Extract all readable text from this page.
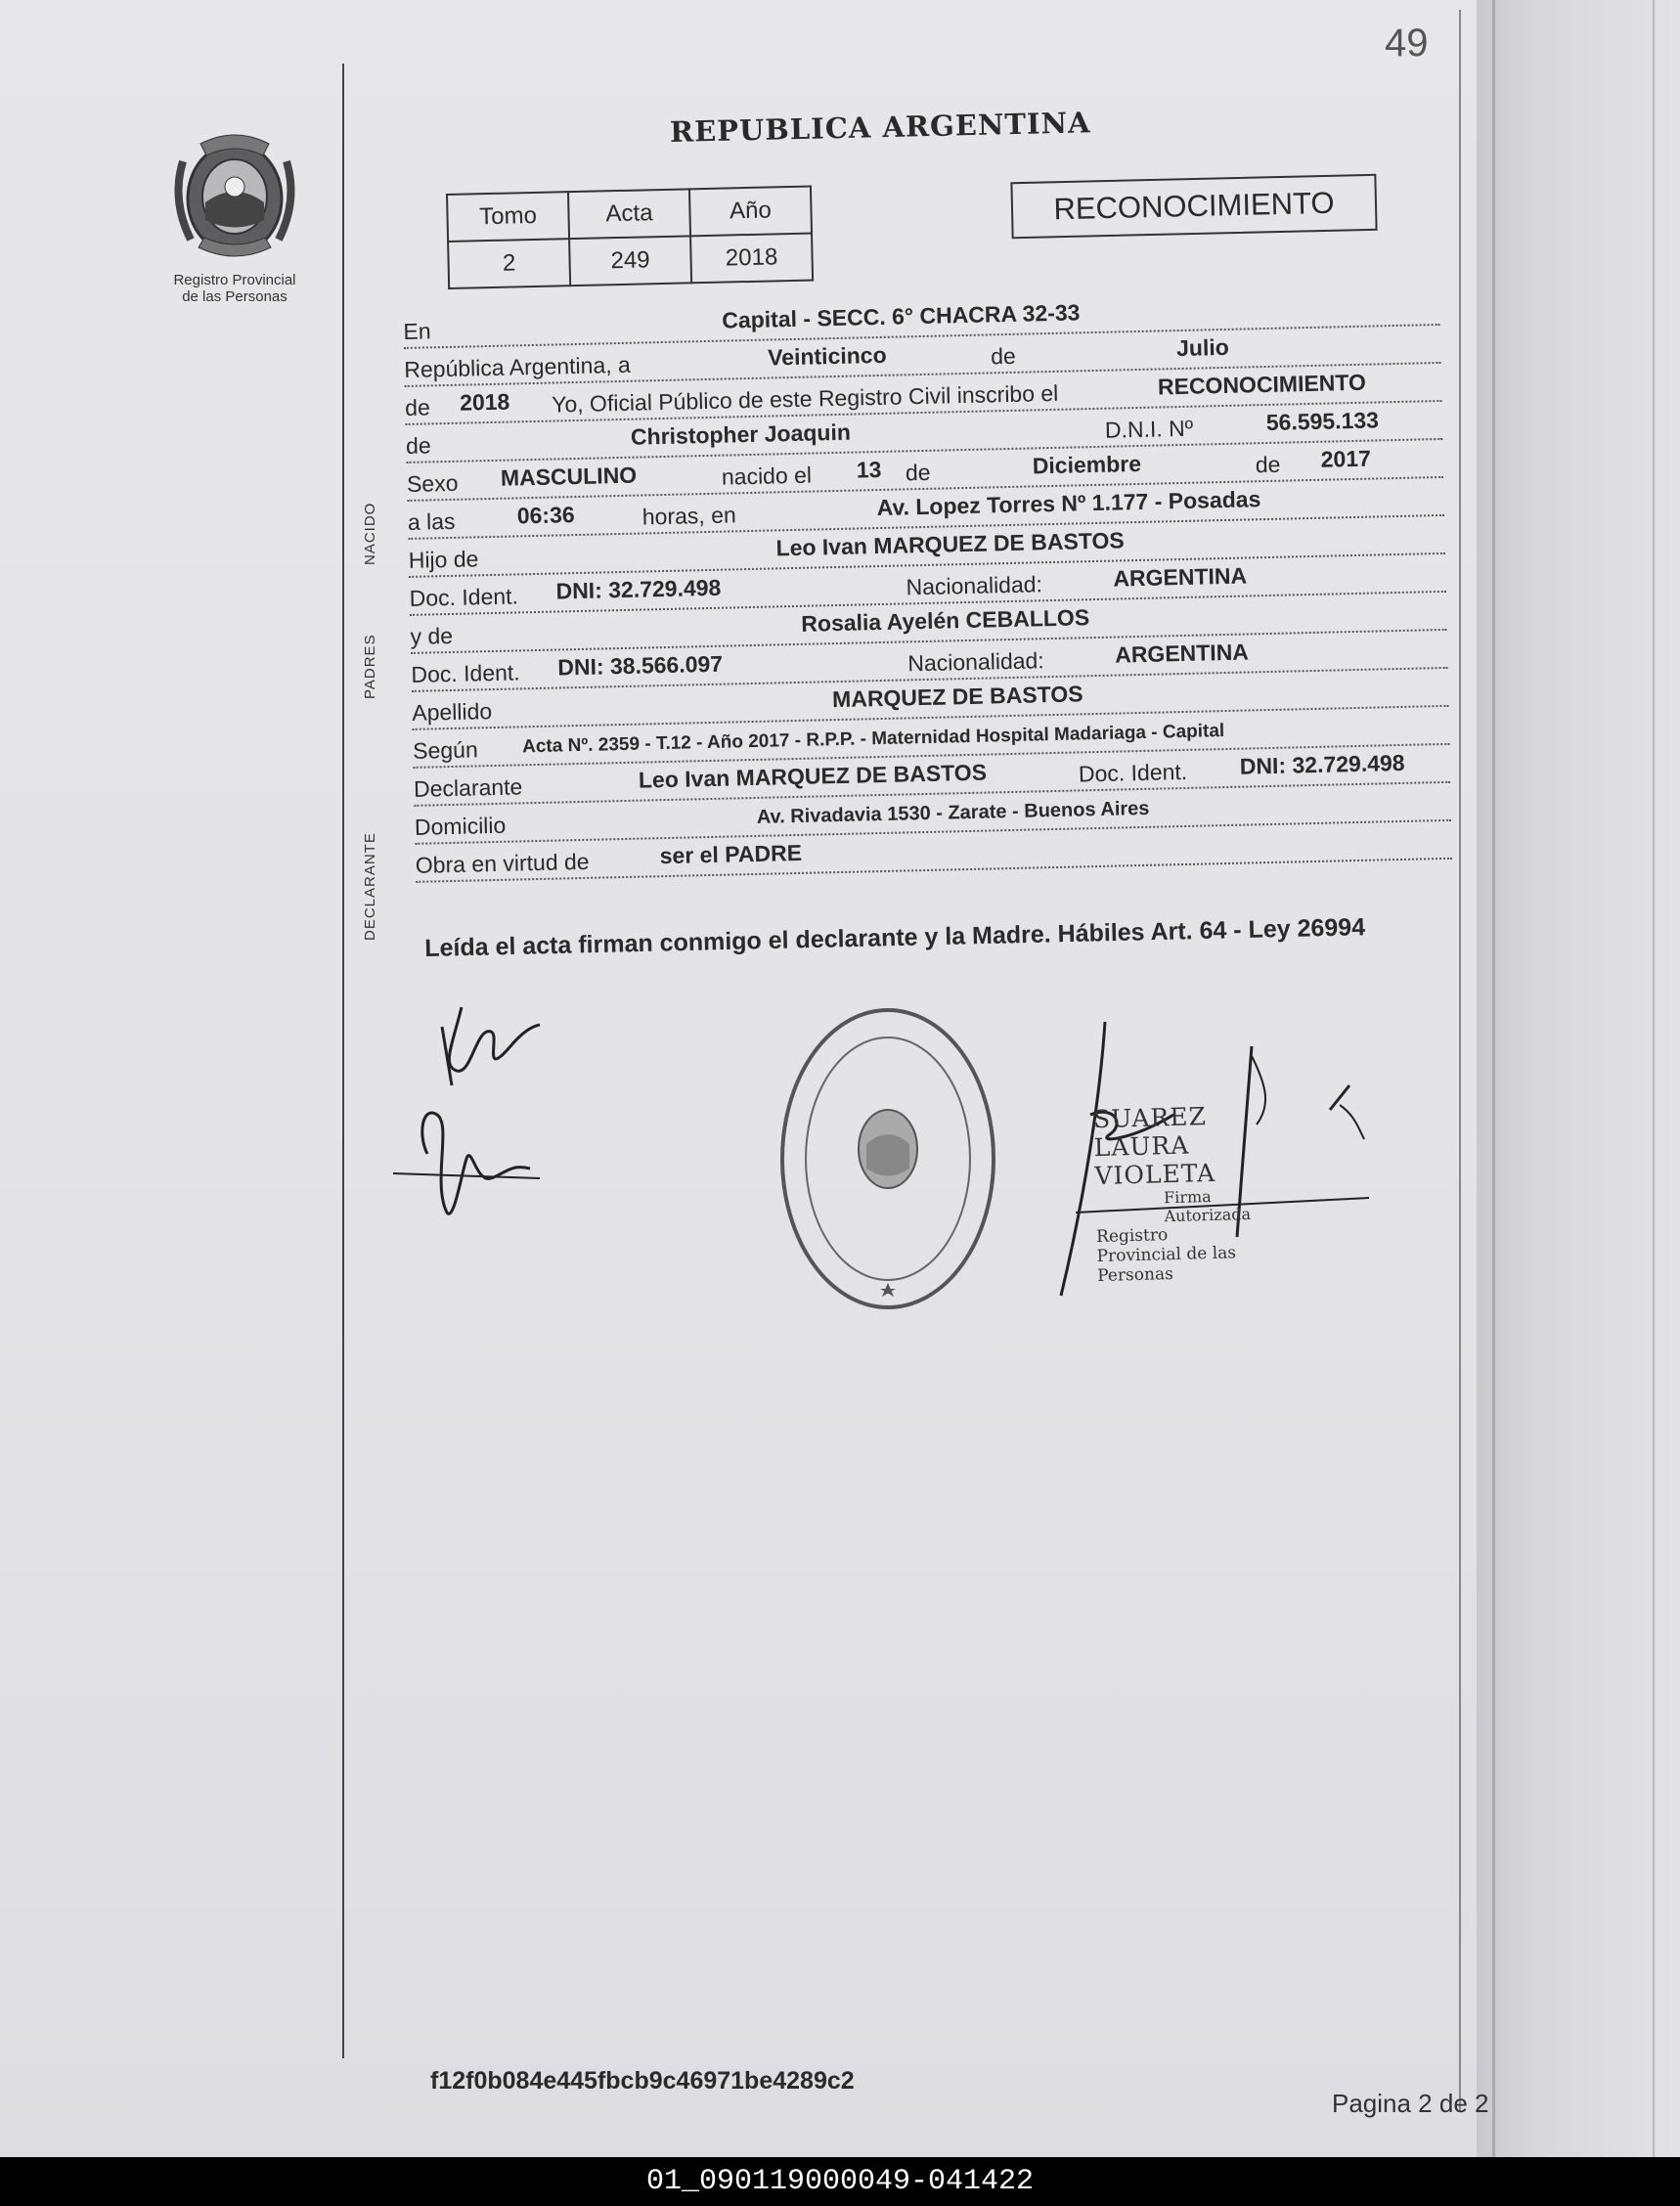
49
Registro Provincial
de las Personas
REPUBLICA ARGENTINA
Tomo	Acta	Año
2	249	2018
RECONOCIMIENTO
En	Capital - SECC. 6° CHACRA 32-33
República Argentina, a	Veinticinco	de	Julio
de 2018 Yo, Oficial Público de este Registro Civil inscribo el	RECONOCIMIENTO
de	Christopher Joaquin	D.N.I. Nº	56.595.133
Sexo MASCULINO	nacido el 13 de	Diciembre	de 2017
a las	06:36	horas, en	Av. Lopez Torres Nº 1.177 - Posadas
Hijo de	Leo Ivan MARQUEZ DE BASTOS
Doc. Ident. DNI: 32.729.498	Nacionalidad:	ARGENTINA
y de	Rosalia Ayelén CEBALLOS
Doc. Ident. DNI: 38.566.097	Nacionalidad:	ARGENTINA
Apellido	MARQUEZ DE BASTOS
Según Acta Nº. 2359 - T.12 - Año 2017 - R.P.P. - Maternidad Hospital Madariaga - Capital
Declarante	Leo Ivan MARQUEZ DE BASTOS	Doc. Ident. DNI: 32.729.498
Domicilio	Av. Rivadavia 1530 - Zarate - Buenos Aires
Obra en virtud de	ser el PADRE
NACIDO
PADRES
DECLARANTE Leída el acta firman conmigo el declarante y la Madre. Hábiles Art. 64 - Ley 26994
SUAREZ LAURA VIOLETA
Firma Autorizada
Registro Provincial de las Personas
f12f0b084e445fbcb9c46971be4289c2
Pagina 2 de 2
01_090119000049-041422
